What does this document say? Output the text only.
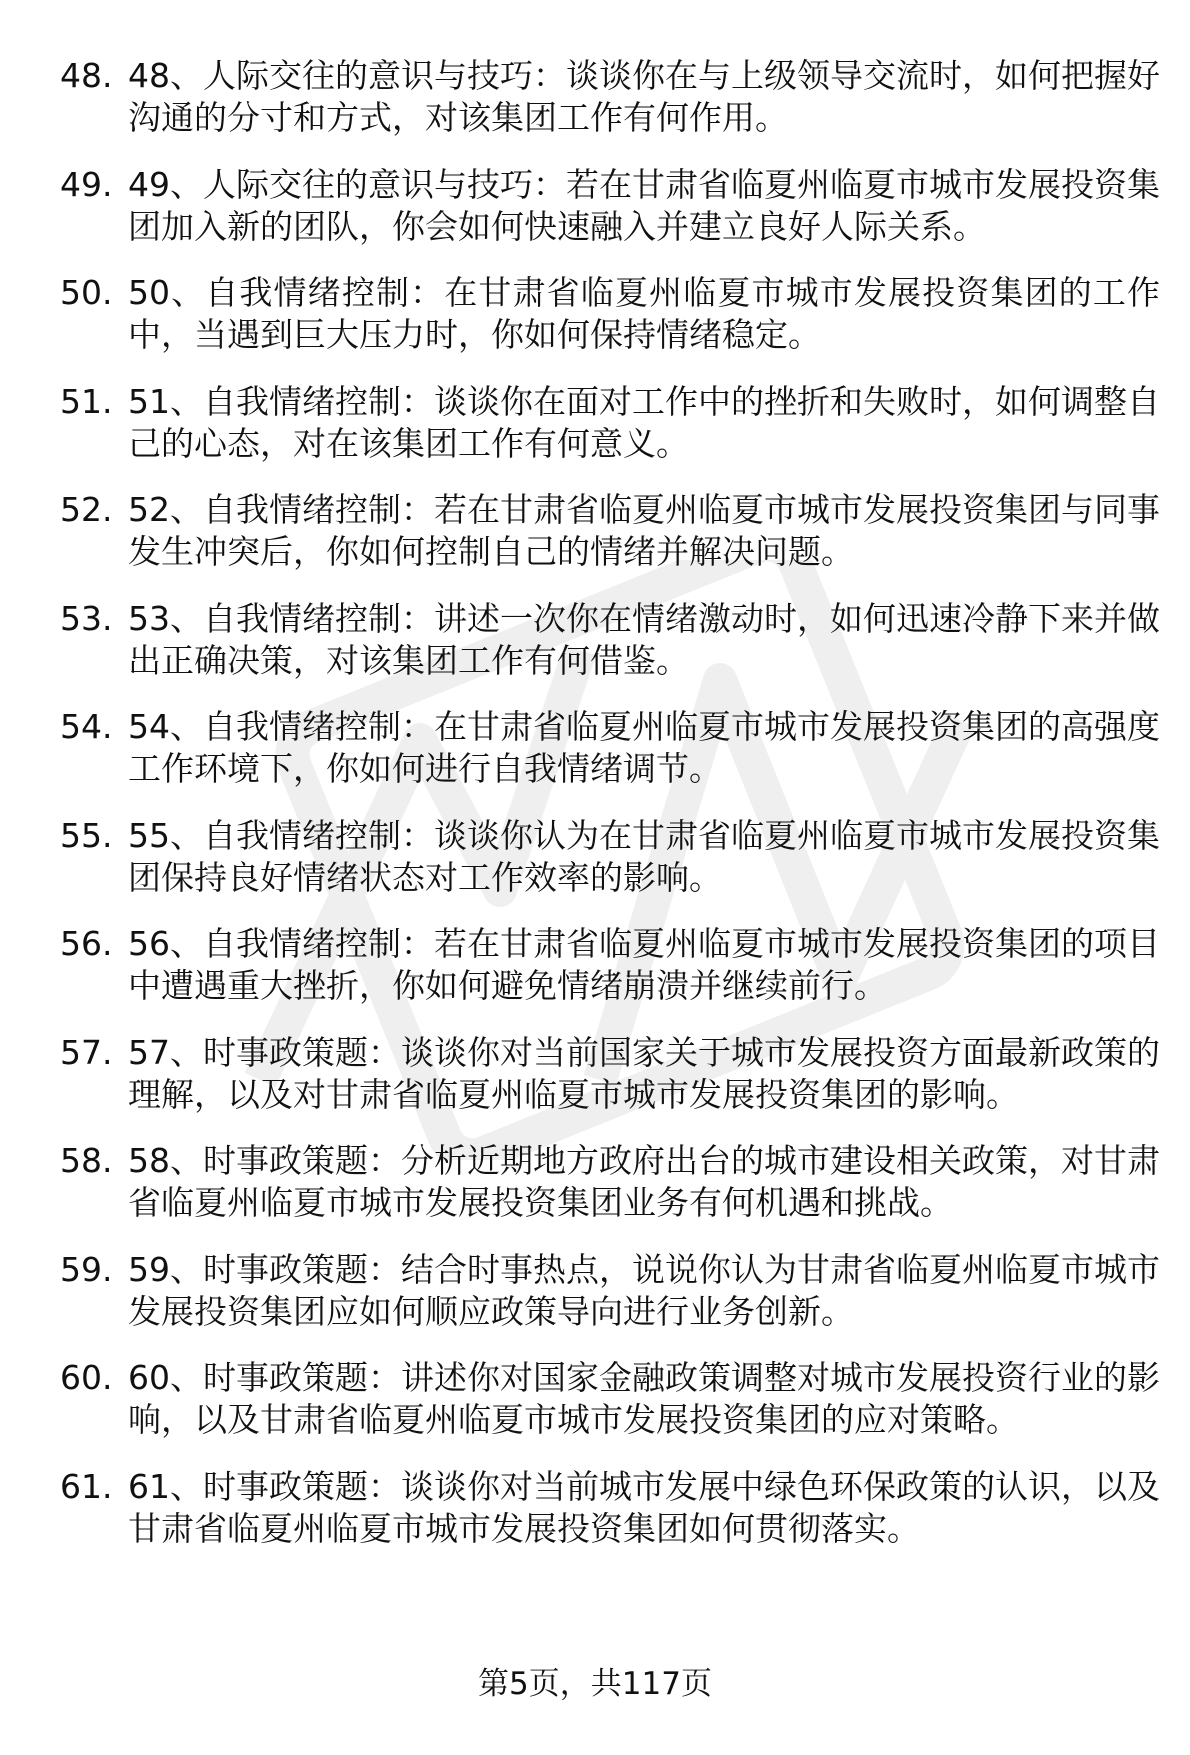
48. 48、人际交往的意识与技巧：谈谈你在与上级领导交流时，如何把握好沟通的分寸和方式，对该集团工作有何作用。
49. 49、人际交往的意识与技巧：若在甘肃省临夏州临夏市城市发展投资集团加入新的团队，你会如何快速融入并建立良好人际关系。
50. 50、自我情绪控制：在甘肃省临夏州临夏市城市发展投资集团的工作中，当遇到巨大压力时，你如何保持情绪稳定。
51. 51、自我情绪控制：谈谈你在面对工作中的挫折和失败时，如何调整自己的心态，对在该集团工作有何意义。
52. 52、自我情绪控制：若在甘肃省临夏州临夏市城市发展投资集团与同事发生冲突后，你如何控制自己的情绪并解决问题。
53. 53、自我情绪控制：讲述一次你在情绪激动时，如何迅速冷静下来并做出正确决策，对该集团工作有何借鉴。
54. 54、自我情绪控制：在甘肃省临夏州临夏市城市发展投资集团的高强度工作环境下，你如何进行自我情绪调节。
55. 55、自我情绪控制：谈谈你认为在甘肃省临夏州临夏市城市发展投资集团保持良好情绪状态对工作效率的影响。
56. 56、自我情绪控制：若在甘肃省临夏州临夏市城市发展投资集团的项目中遭遇重大挫折，你如何避免情绪崩溃并继续前行。
57. 57、时事政策题：谈谈你对当前国家关于城市发展投资方面最新政策的理解，以及对甘肃省临夏州临夏市城市发展投资集团的影响。
58. 58、时事政策题：分析近期地方政府出台的城市建设相关政策，对甘肃省临夏州临夏市城市发展投资集团业务有何机遇和挑战。
59. 59、时事政策题：结合时事热点，说说你认为甘肃省临夏州临夏市城市发展投资集团应如何顺应政策导向进行业务创新。
60. 60、时事政策题：讲述你对国家金融政策调整对城市发展投资行业的影响，以及甘肃省临夏州临夏市城市发展投资集团的应对策略。
61. 61、时事政策题：谈谈你对当前城市发展中绿色环保政策的认识，以及甘肃省临夏州临夏市城市发展投资集团如何贯彻落实。
第5页，共117页
